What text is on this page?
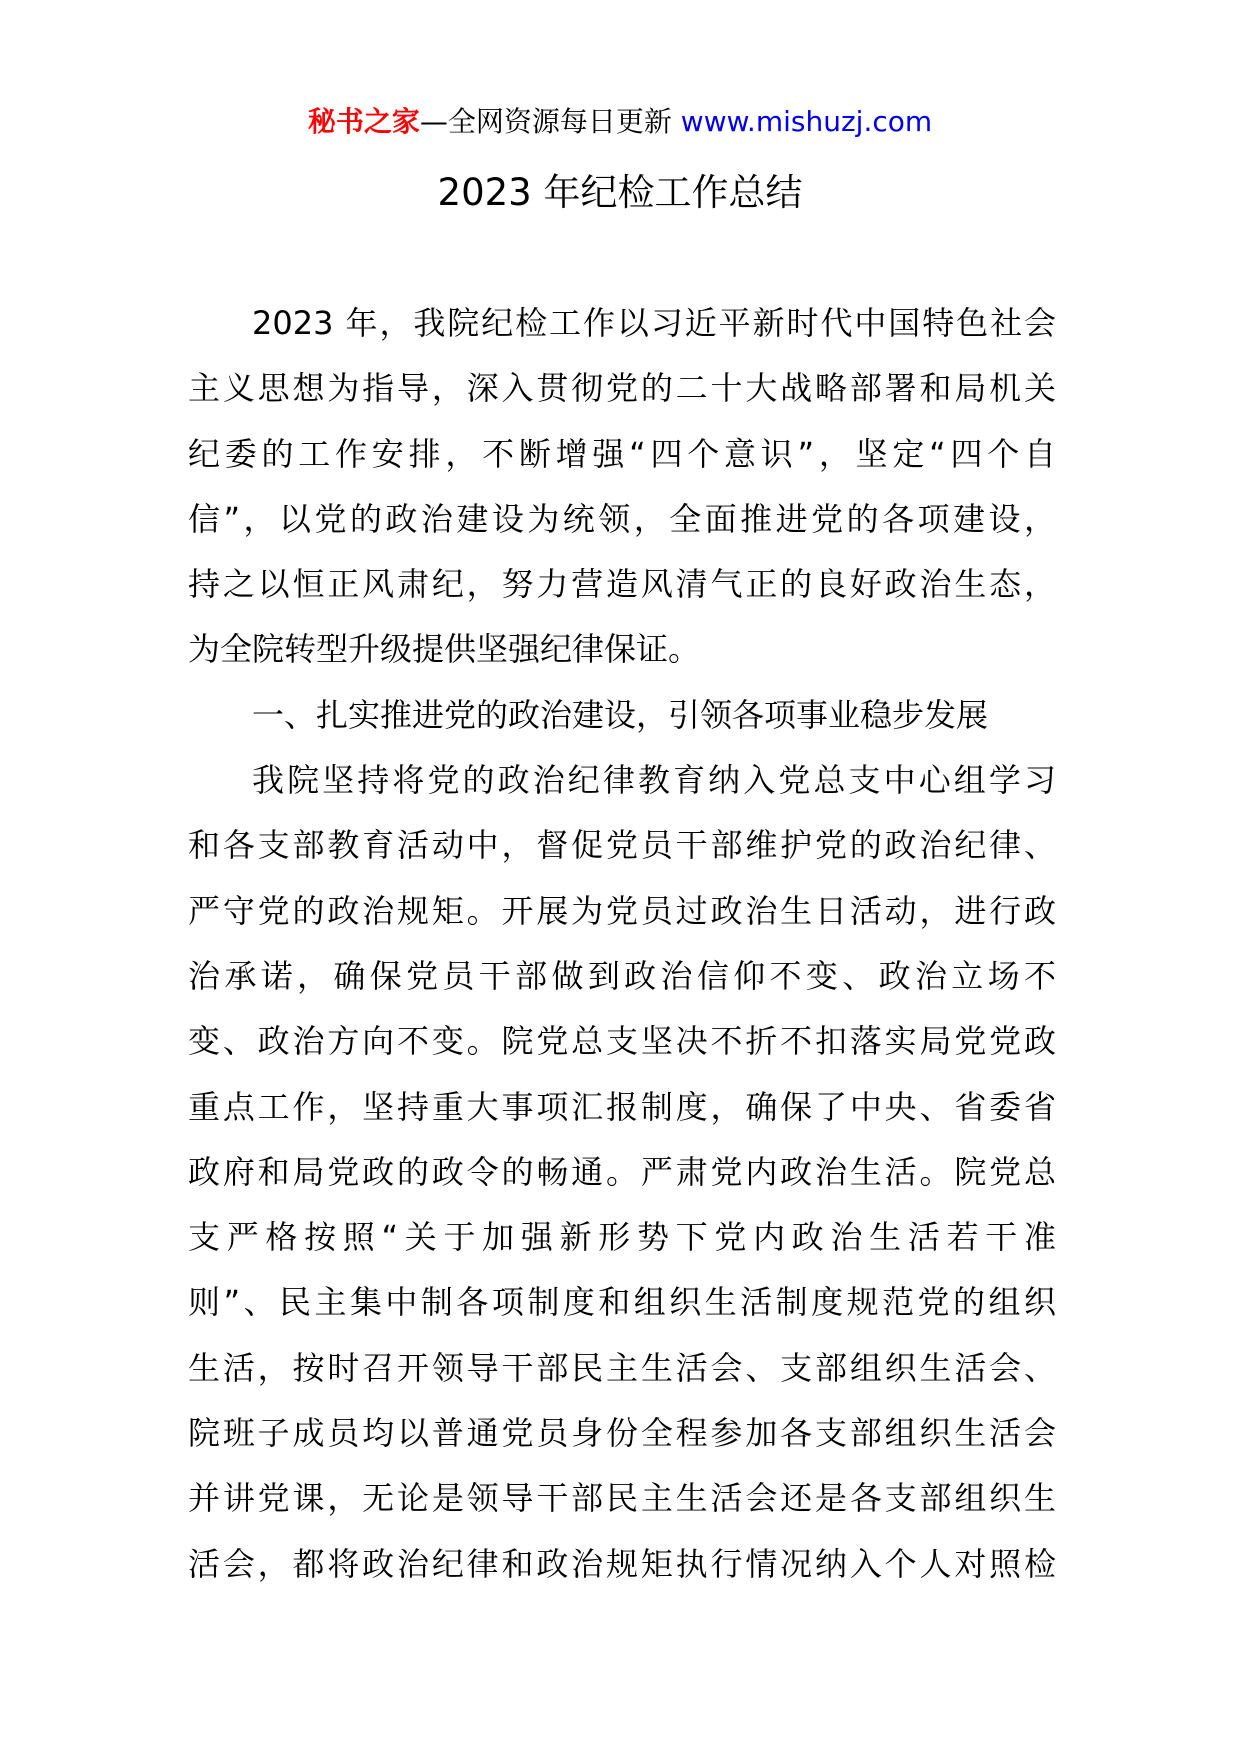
秘书之家—全网资源每日更新 www.mishuzj.com
2023 年纪检工作总结
2023 年，我院纪检工作以习近平新时代中国特色社会
主义思想为指导，深入贯彻党的二十大战略部署和局机关
纪委的工作安排，不断增强“四个意识”，坚定“四个自
信”，以党的政治建设为统领，全面推进党的各项建设，
持之以恒正风肃纪，努力营造风清气正的良好政治生态，
为全院转型升级提供坚强纪律保证。
一、扎实推进党的政治建设，引领各项事业稳步发展
我院坚持将党的政治纪律教育纳入党总支中心组学习
和各支部教育活动中，督促党员干部维护党的政治纪律、
严守党的政治规矩。开展为党员过政治生日活动，进行政
治承诺，确保党员干部做到政治信仰不变、政治立场不
变、政治方向不变。院党总支坚决不折不扣落实局党党政
重点工作，坚持重大事项汇报制度，确保了中央、省委省
政府和局党政的政令的畅通。严肃党内政治生活。院党总
支严格按照“关于加强新形势下党内政治生活若干准
则”、民主集中制各项制度和组织生活制度规范党的组织
生活，按时召开领导干部民主生活会、支部组织生活会、
院班子成员均以普通党员身份全程参加各支部组织生活会
并讲党课，无论是领导干部民主生活会还是各支部组织生
活会，都将政治纪律和政治规矩执行情况纳入个人对照检
